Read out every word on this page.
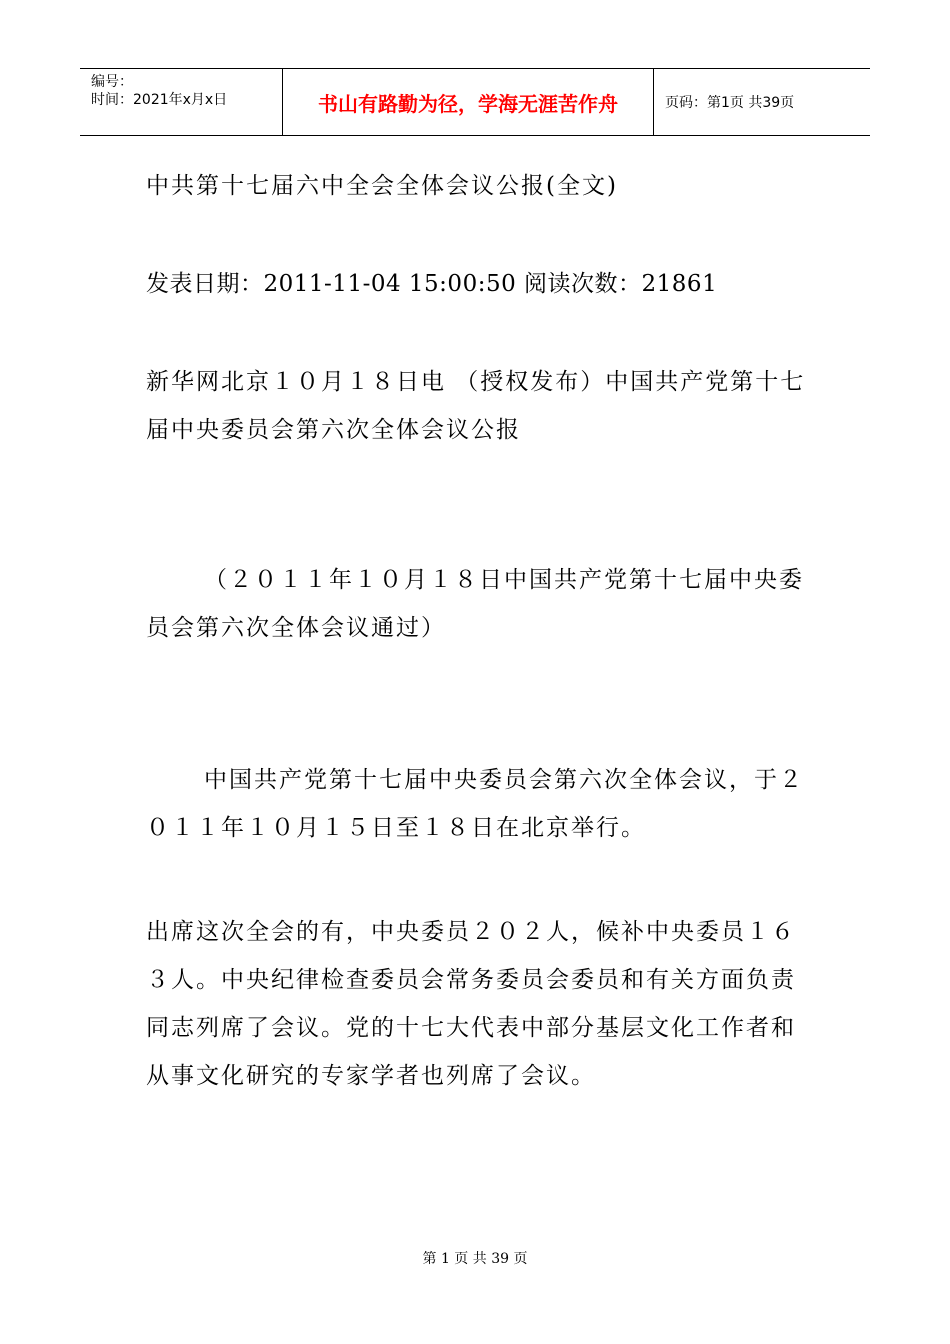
编号：
时间：2021年x月x日	书山有路勤为径，学海无涯苦作舟	页码：第1页 共39页

中共第十七届六中全会全体会议公报(全文)

发表日期：2011-11-04 15:00:50 阅读次数：21861

新华网北京１０月１８日电 （授权发布）中国共产党第十七届中央委员会第六次全体会议公报

（２０１１年１０月１８日中国共产党第十七届中央委员会第六次全体会议通过）

中国共产党第十七届中央委员会第六次全体会议，于２０１１年１０月１５日至１８日在北京举行。

出席这次全会的有，中央委员２０２人，候补中央委员１６３人。中央纪律检查委员会常务委员会委员和有关方面负责同志列席了会议。党的十七大代表中部分基层文化工作者和从事文化研究的专家学者也列席了会议。

第 1 页 共 39 页
